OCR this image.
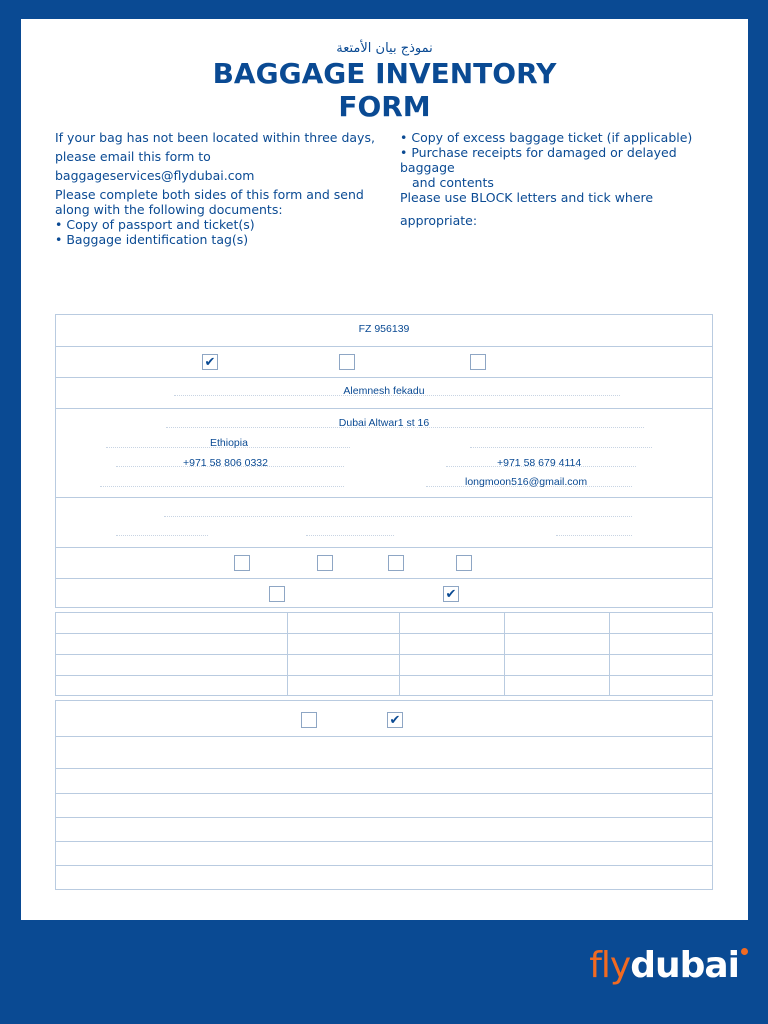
نموذج بيان الأمتعة
BAGGAGE INVENTORY
FORM

If your bag has not been located within three days,

please email this form to

baggageservices@flydubai.com

Please complete both sides of this form and send along with the following documents:

• Copy of passport and ticket(s)

• Baggage identification tag(s)

• Copy of excess baggage ticket (if applicable)

• Purchase receipts for damaged or delayed baggage

and contents

Please use BLOCK letters and tick where

appropriate:

FZ 956139
✔
Alemnesh fekadu
Dubai Altwar1 st 16
Ethiopia
+971 58 806 0332	+971 58 679 4114
longmoon516@gmail.com
✔
✔
flydubai
